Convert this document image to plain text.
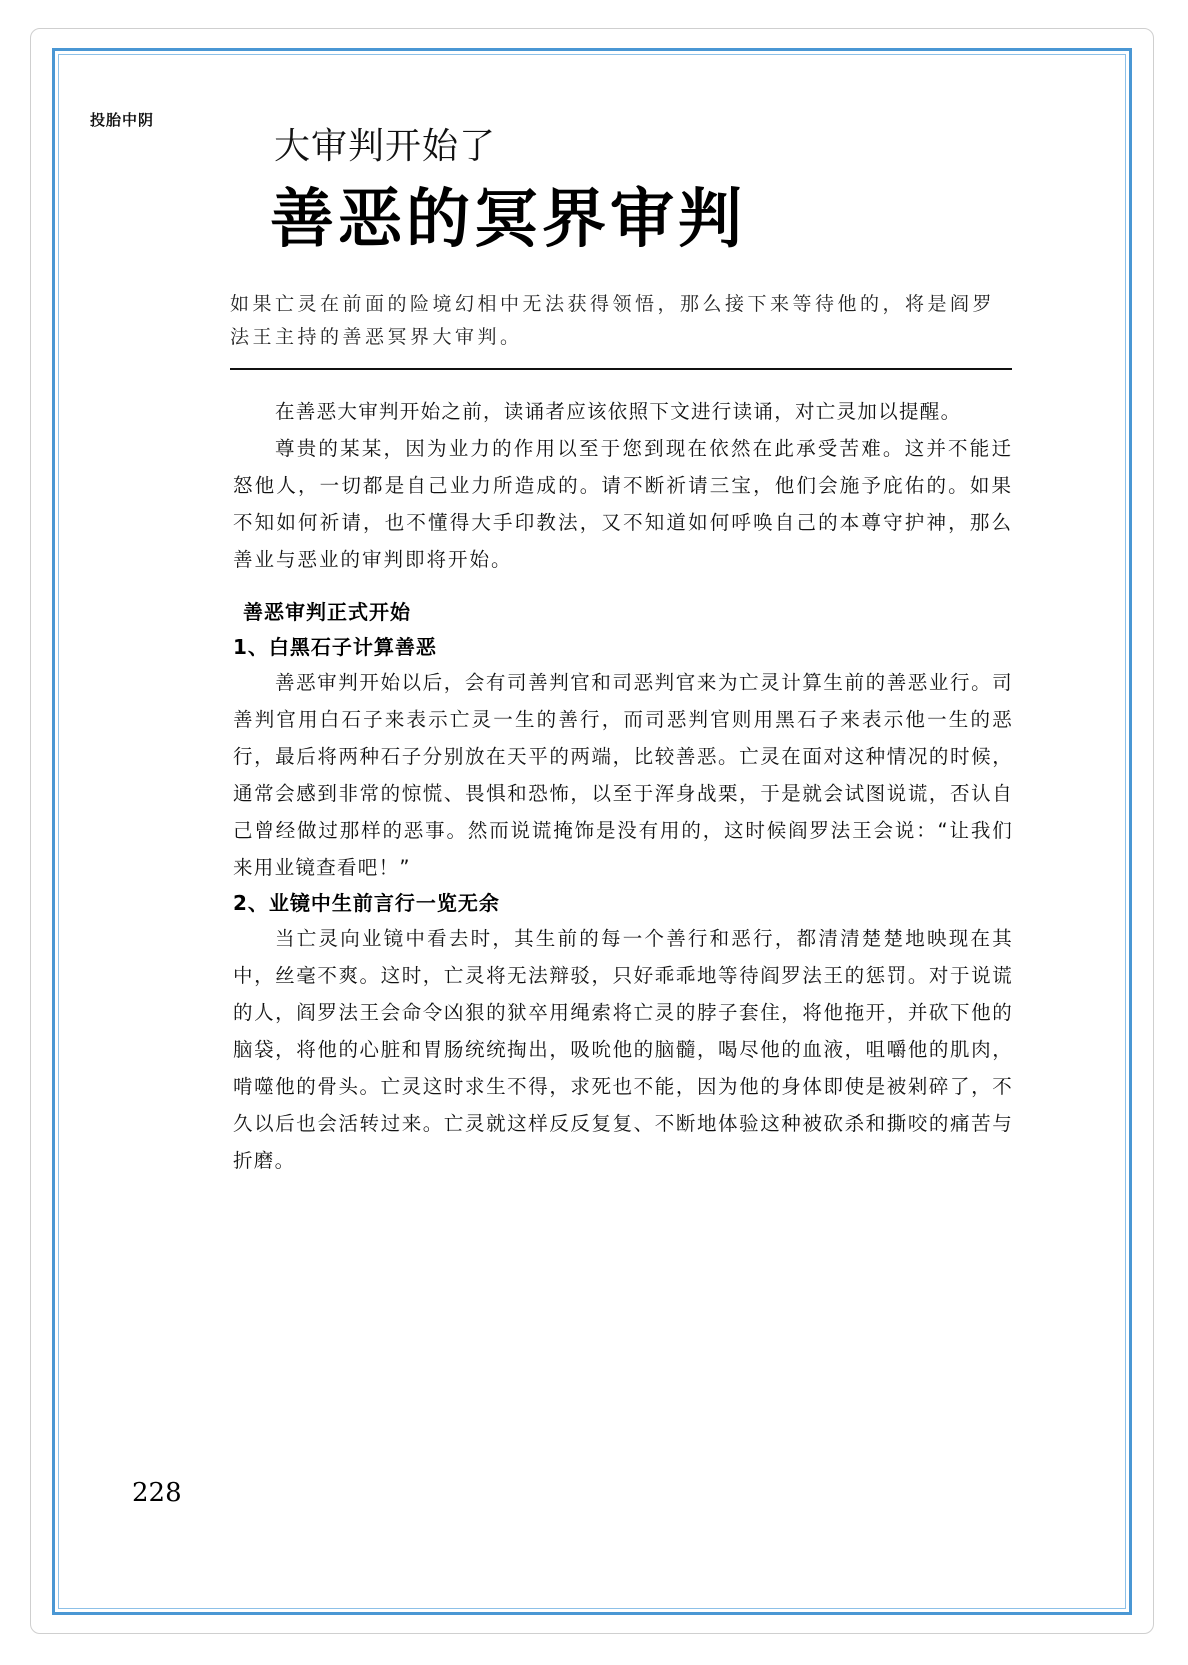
投胎中阴
大审判开始了
善恶的冥界审判
如果亡灵在前面的险境幻相中无法获得领悟，那么接下来等待他的，将是阎罗法王主持的善恶冥界大审判。

在善恶大审判开始之前，读诵者应该依照下文进行读诵，对亡灵加以提醒。

尊贵的某某，因为业力的作用以至于您到现在依然在此承受苦难。这并不能迁怒他人，一切都是自己业力所造成的。请不断祈请三宝，他们会施予庇佑的。如果不知如何祈请，也不懂得大手印教法，又不知道如何呼唤自己的本尊守护神，那么善业与恶业的审判即将开始。

善恶审判正式开始

1、白黑石子计算善恶

善恶审判开始以后，会有司善判官和司恶判官来为亡灵计算生前的善恶业行。司善判官用白石子来表示亡灵一生的善行，而司恶判官则用黑石子来表示他一生的恶行，最后将两种石子分别放在天平的两端，比较善恶。亡灵在面对这种情况的时候，通常会感到非常的惊慌、畏惧和恐怖，以至于浑身战栗，于是就会试图说谎，否认自己曾经做过那样的恶事。然而说谎掩饰是没有用的，这时候阎罗法王会说：“让我们来用业镜查看吧！”

2、业镜中生前言行一览无余

当亡灵向业镜中看去时，其生前的每一个善行和恶行，都清清楚楚地映现在其中，丝毫不爽。这时，亡灵将无法辩驳，只好乖乖地等待阎罗法王的惩罚。对于说谎的人，阎罗法王会命令凶狠的狱卒用绳索将亡灵的脖子套住，将他拖开，并砍下他的脑袋，将他的心脏和胃肠统统掏出，吸吮他的脑髓，喝尽他的血液，咀嚼他的肌肉，啃噬他的骨头。亡灵这时求生不得，求死也不能，因为他的身体即使是被剁碎了，不久以后也会活转过来。亡灵就这样反反复复、不断地体验这种被砍杀和撕咬的痛苦与折磨。

228
